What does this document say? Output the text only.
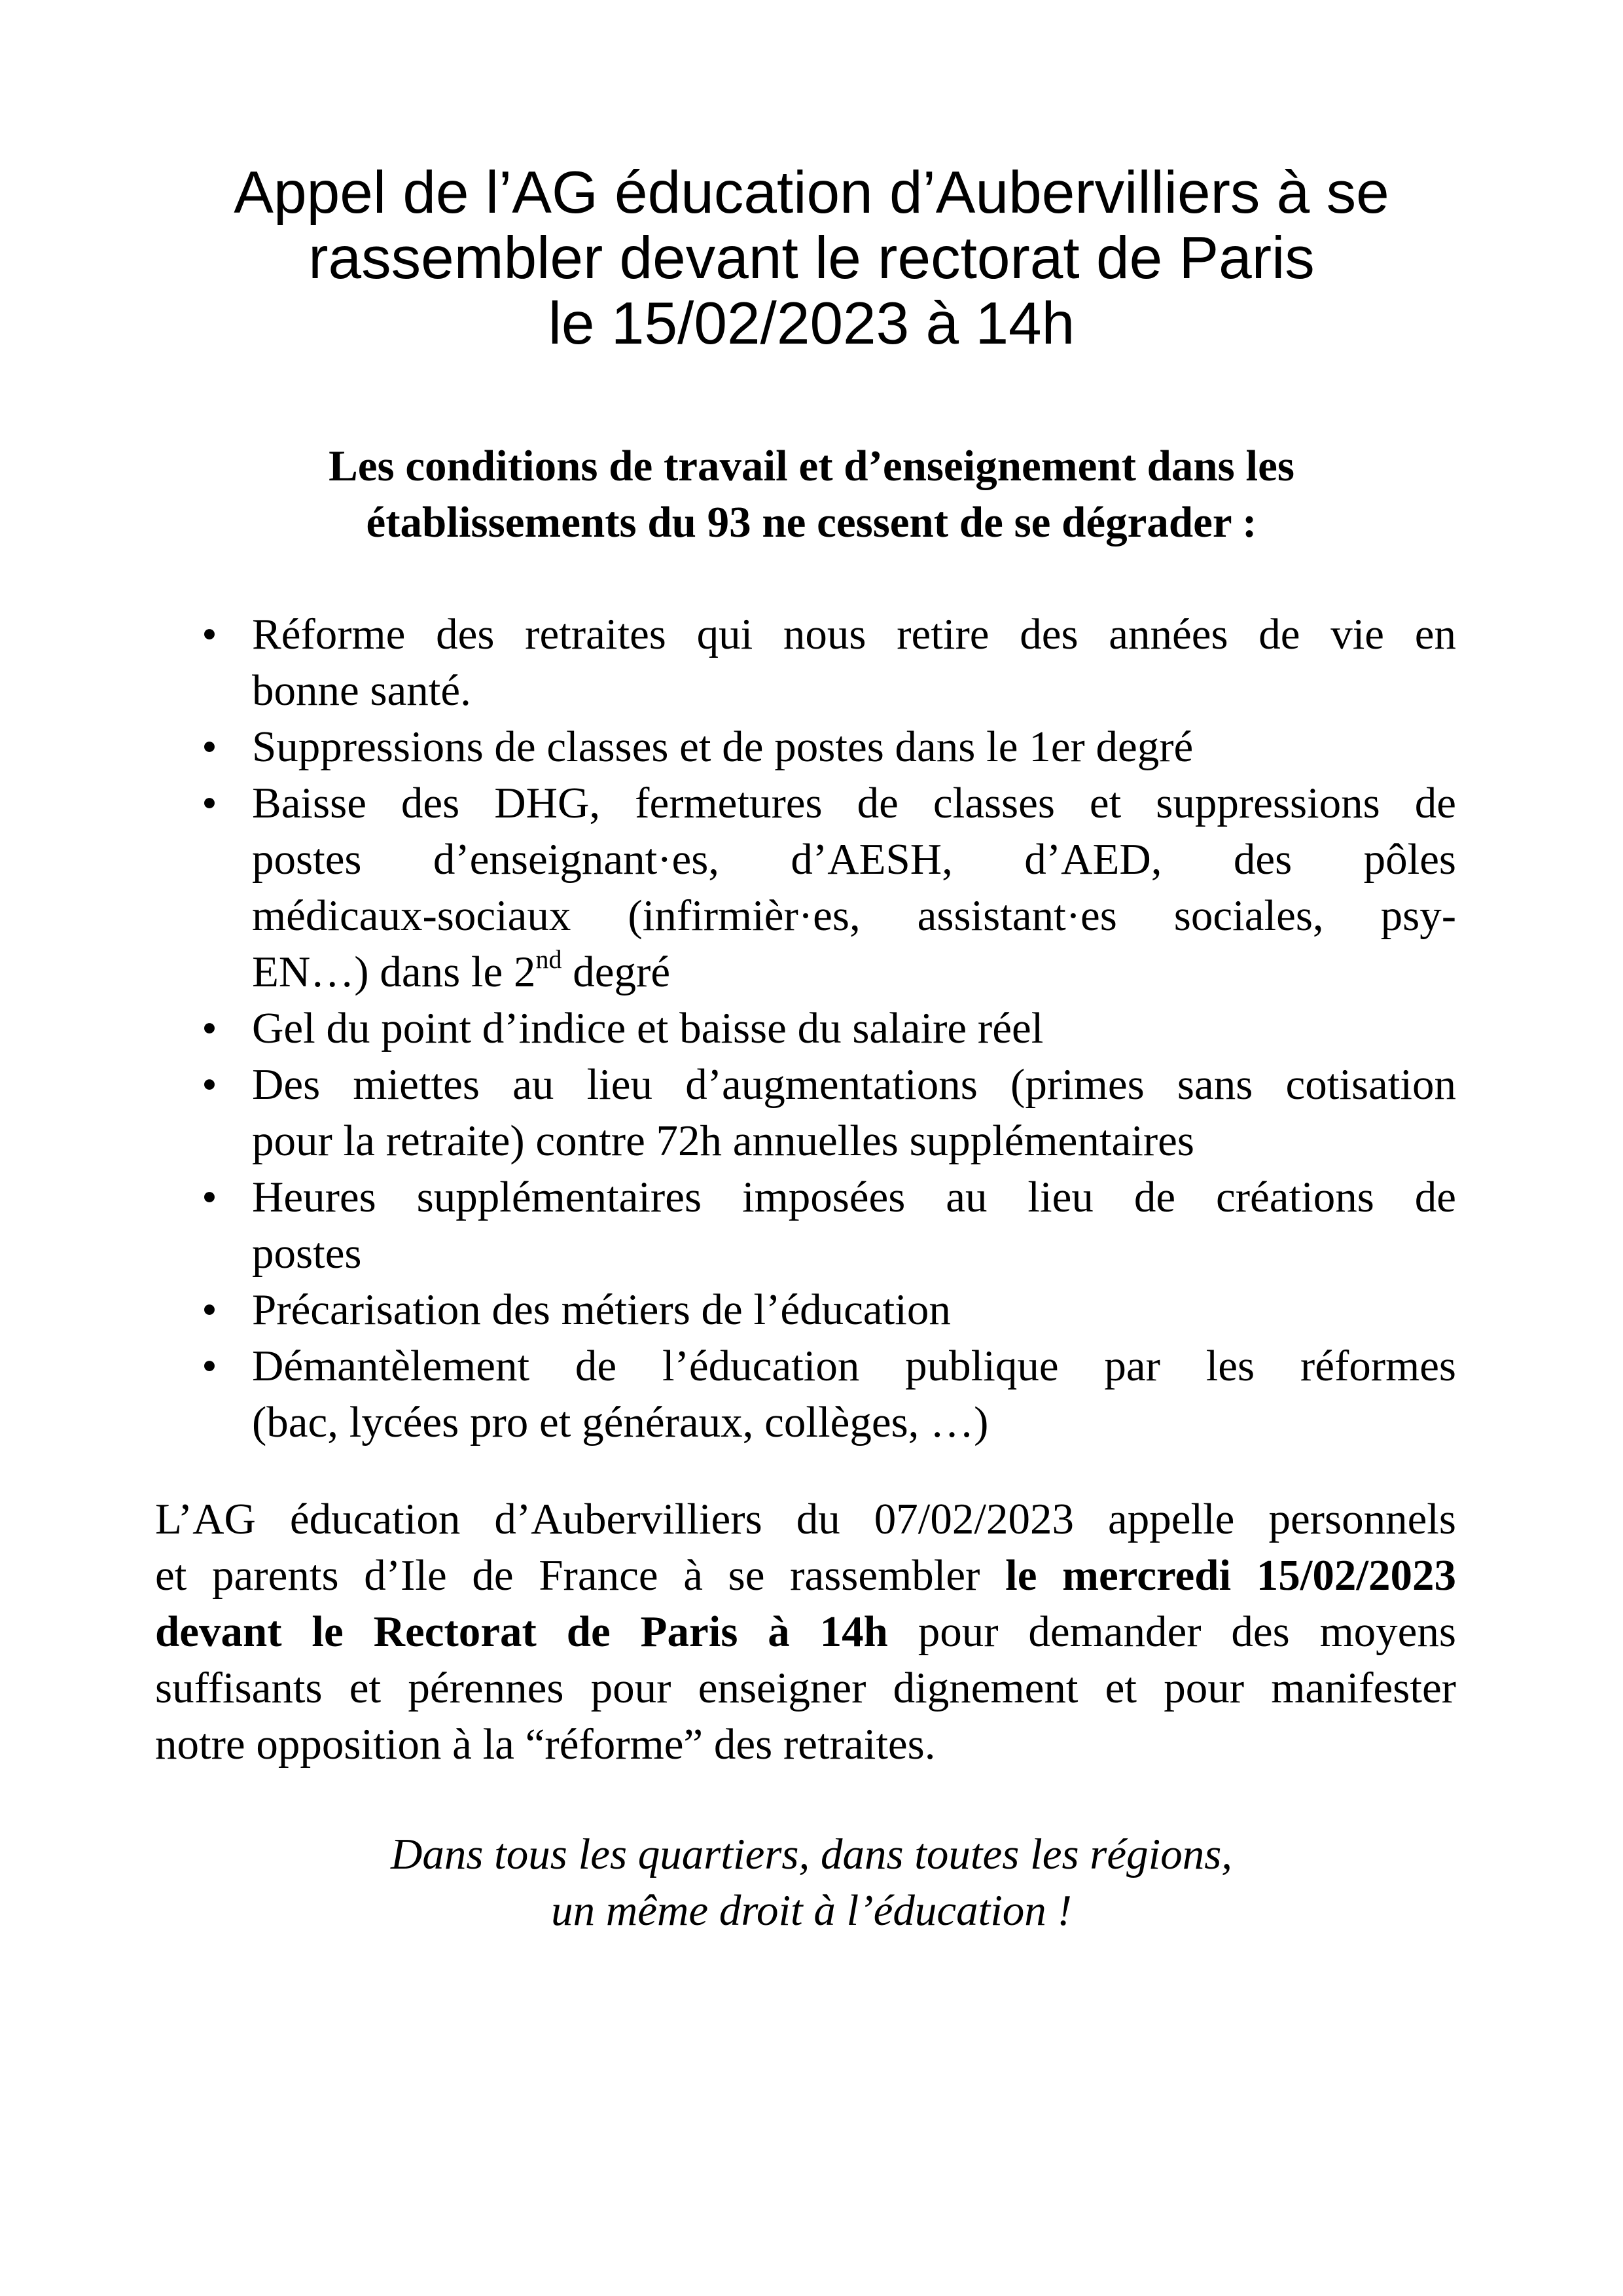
Appel de l’AG éducation d’Aubervilliers à se
rassembler devant le rectorat de Paris
le 15/02/2023 à 14h
Les conditions de travail et d’enseignement dans les
établissements du 93 ne cessent de se dégrader :
• Réforme des retraites qui nous retire des années de vie en
bonne santé.
• Suppressions de classes et de postes dans le 1er degré
• Baisse des DHG, fermetures de classes et suppressions de
postes d’enseignant·es, d’AESH, d’AED, des pôles
médicaux-sociaux (infirmièr·es, assistant·es sociales, psy-
EN…) dans le 2nd degré
• Gel du point d’indice et baisse du salaire réel
• Des miettes au lieu d’augmentations (primes sans cotisation
pour la retraite) contre 72h annuelles supplémentaires
• Heures supplémentaires imposées au lieu de créations de
postes
• Précarisation des métiers de l’éducation
• Démantèlement de l’éducation publique par les réformes
(bac, lycées pro et généraux, collèges, …)

L’AG éducation d’Aubervilliers du 07/02/2023 appelle personnels
et parents d’Ile de France à se rassembler le mercredi 15/02/2023
devant le Rectorat de Paris à 14h pour demander des moyens
suffisants et pérennes pour enseigner dignement et pour manifester
notre opposition à la “réforme” des retraites.

Dans tous les quartiers, dans toutes les régions,
un même droit à l’éducation !
